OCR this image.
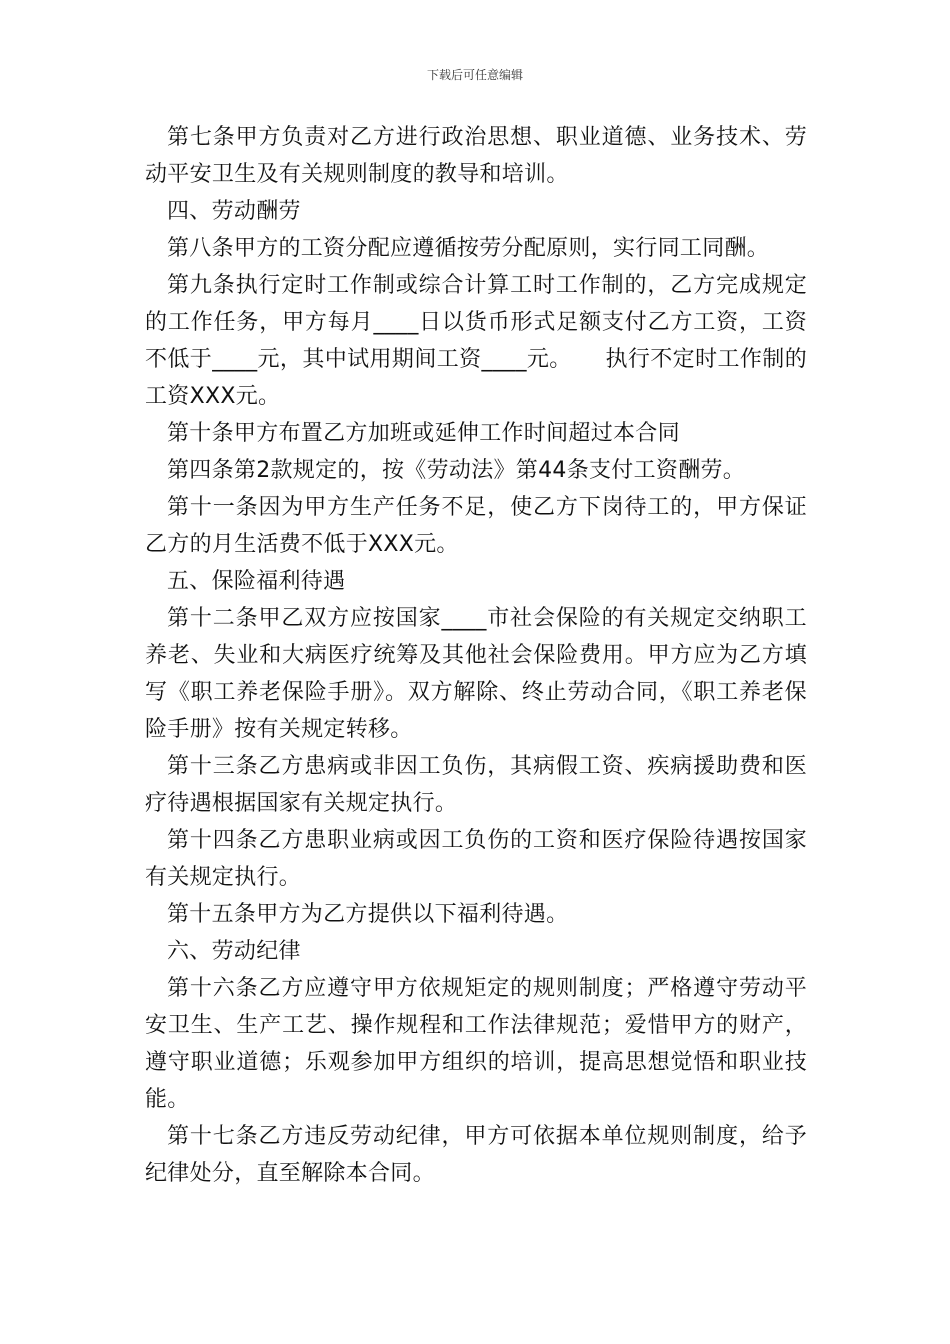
下载后可任意编辑

第七条甲方负责对乙方进行政治思想、职业道德、业务技术、劳动平安卫生及有关规则制度的教导和培训。

四、劳动酬劳

第八条甲方的工资分配应遵循按劳分配原则，实行同工同酬。

第九条执行定时工作制或综合计算工时工作制的，乙方完成规定的工作任务，甲方每月____日以货币形式足额支付乙方工资，工资不低于____元，其中试用期间工资____元。　　执行不定时工作制的工资XXX元。

第十条甲方布置乙方加班或延伸工作时间超过本合同

第四条第2款规定的，按《劳动法》第44条支付工资酬劳。

第十一条因为甲方生产任务不足，使乙方下岗待工的，甲方保证乙方的月生活费不低于XXX元。

五、保险福利待遇

第十二条甲乙双方应按国家____市社会保险的有关规定交纳职工养老、失业和大病医疗统筹及其他社会保险费用。甲方应为乙方填写《职工养老保险手册》。双方解除、终止劳动合同，《职工养老保险手册》按有关规定转移。

第十三条乙方患病或非因工负伤，其病假工资、疾病援助费和医疗待遇根据国家有关规定执行。

第十四条乙方患职业病或因工负伤的工资和医疗保险待遇按国家有关规定执行。

第十五条甲方为乙方提供以下福利待遇。

六、劳动纪律

第十六条乙方应遵守甲方依规矩定的规则制度；严格遵守劳动平安卫生、生产工艺、操作规程和工作法律规范；爱惜甲方的财产，遵守职业道德；乐观参加甲方组织的培训，提高思想觉悟和职业技能。

第十七条乙方违反劳动纪律，甲方可依据本单位规则制度，给予纪律处分，直至解除本合同。
